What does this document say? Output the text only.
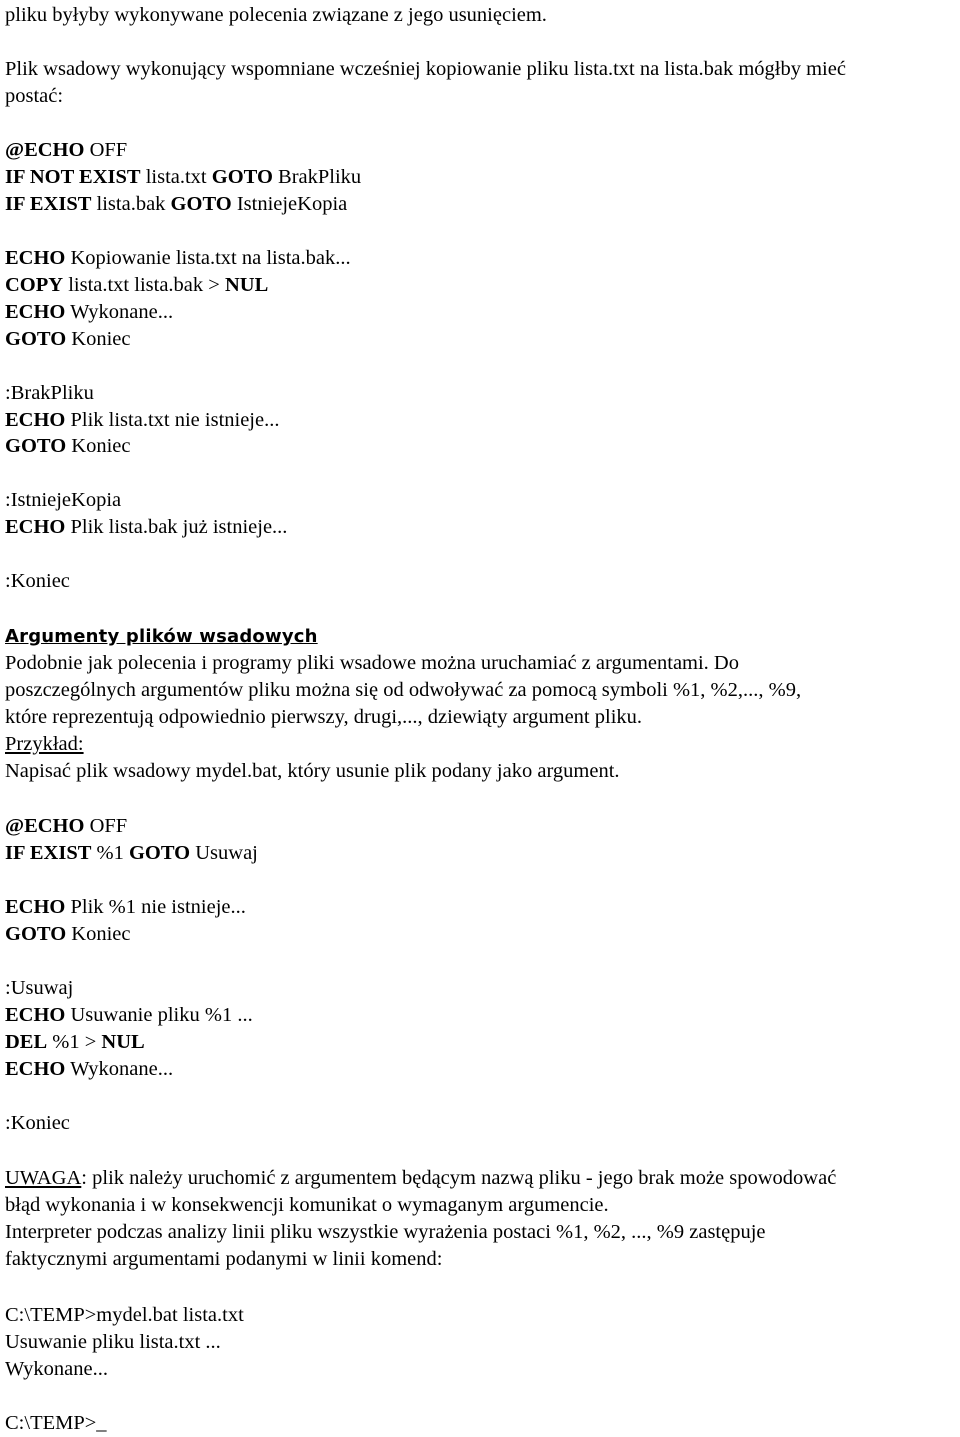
pliku byłyby wykonywane polecenia związane z jego usunięciem.
Plik wsadowy wykonujący wspomniane wcześniej kopiowanie pliku lista.txt na lista.bak mógłby mieć
postać:
@ECHO OFF
IF NOT EXIST lista.txt GOTO BrakPliku
IF EXIST lista.bak GOTO IstniejeKopia
ECHO Kopiowanie lista.txt na lista.bak...
COPY lista.txt lista.bak > NUL
ECHO Wykonane...
GOTO Koniec
:BrakPliku
ECHO Plik lista.txt nie istnieje...
GOTO Koniec
:IstniejeKopia
ECHO Plik lista.bak już istnieje...
:Koniec
Argumenty plików wsadowych
Podobnie jak polecenia i programy pliki wsadowe można uruchamiać z argumentami. Do
poszczególnych argumentów pliku można się od odwoływać za pomocą symboli %1, %2,..., %9,
które reprezentują odpowiednio pierwszy, drugi,..., dziewiąty argument pliku.
Przykład:
Napisać plik wsadowy mydel.bat, który usunie plik podany jako argument.
@ECHO OFF
IF EXIST %1 GOTO Usuwaj
ECHO Plik %1 nie istnieje...
GOTO Koniec
:Usuwaj
ECHO Usuwanie pliku %1 ...
DEL %1 > NUL
ECHO Wykonane...
:Koniec
UWAGA: plik należy uruchomić z argumentem będącym nazwą pliku - jego brak może spowodować
błąd wykonania i w konsekwencji komunikat o wymaganym argumencie.
Interpreter podczas analizy linii pliku wszystkie wyrażenia postaci %1, %2, ..., %9 zastępuje
faktycznymi argumentami podanymi w linii komend:
C:\TEMP>mydel.bat lista.txt
Usuwanie pliku lista.txt ...
Wykonane...
C:\TEMP>_
